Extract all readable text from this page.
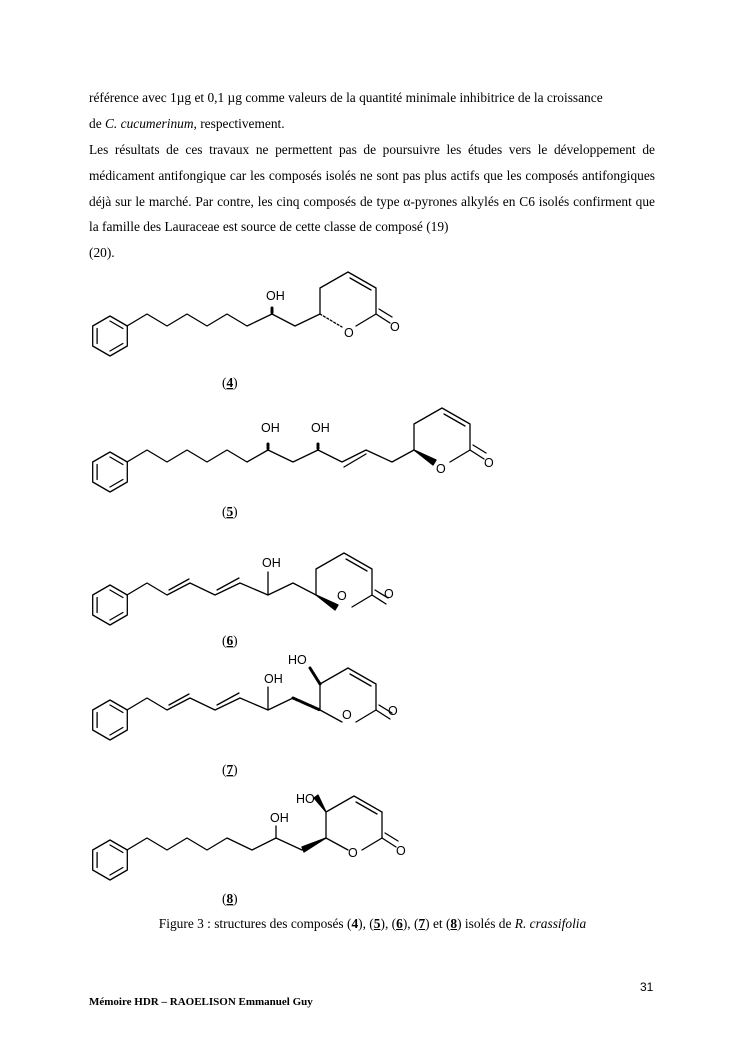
référence avec 1µg et 0,1 µg comme valeurs de la quantité minimale inhibitrice de la croissance

de C. cucumerinum, respectivement.

Les résultats de ces travaux ne permettent pas de poursuivre les études vers le développement de médicament antifongique car les composés isolés ne sont pas plus actifs que les composés antifongiques déjà sur le marché. Par contre, les cinq composés de type α-pyrones alkylés en C6 isolés confirment que la famille des Lauraceae est source de cette classe de composé (19)

(20).

OH
O	O
(4)
OH	OH
O	O
(5)
OH
O	O
(6)
OH
HO
O	O
(7)
OH
HO
O	O
(8)
Figure 3 : structures des composés (4), (5), (6), (7) et (8) isolés de R. crassifolia
31
Mémoire HDR – RAOELISON Emmanuel Guy
